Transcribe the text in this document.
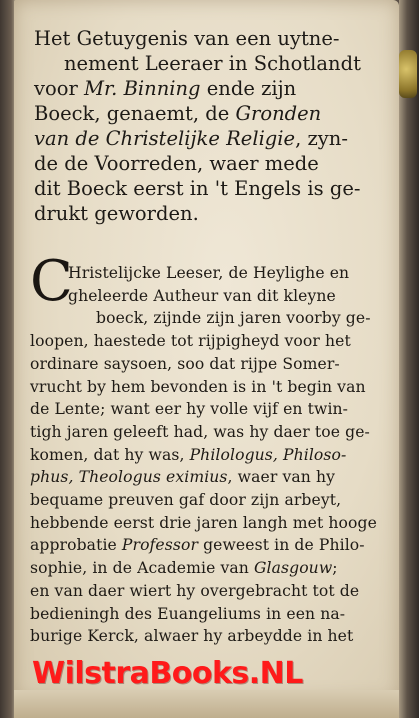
Het Getuygenis van een uytne-
nement Leeraer in Schotlandt
voor Mr. Binning ende zijn
Boeck, genaemt, de Gronden
van de Christelijke Religie, zyn-
de de Voorreden, waer mede
dit Boeck eerst in 't Engels is ge-
drukt geworden.
C
Hristelijcke Leeser, de Heylighe en
gheleerde Autheur van dit kleyne
boeck, zijnde zijn jaren voorby ge-
loopen, haestede tot rijpigheyd voor het
ordinare saysoen, soo dat rijpe Somer-
vrucht by hem bevonden is in 't begin van
de Lente; want eer hy volle vijf en twin-
tigh jaren geleeft had, was hy daer toe ge-
komen, dat hy was, Philologus, Philoso-
phus, Theologus eximius, waer van hy
bequame preuven gaf door zijn arbeyt,
hebbende eerst drie jaren langh met hooge
approbatie Professor geweest in de Philo-
sophie, in de Academie van Glasgouw;
en van daer wiert hy overgebracht tot de
bedieningh des Euangeliums in een na-
burige Kerck, alwaer hy arbeydde in het
WilstraBooks.NL
